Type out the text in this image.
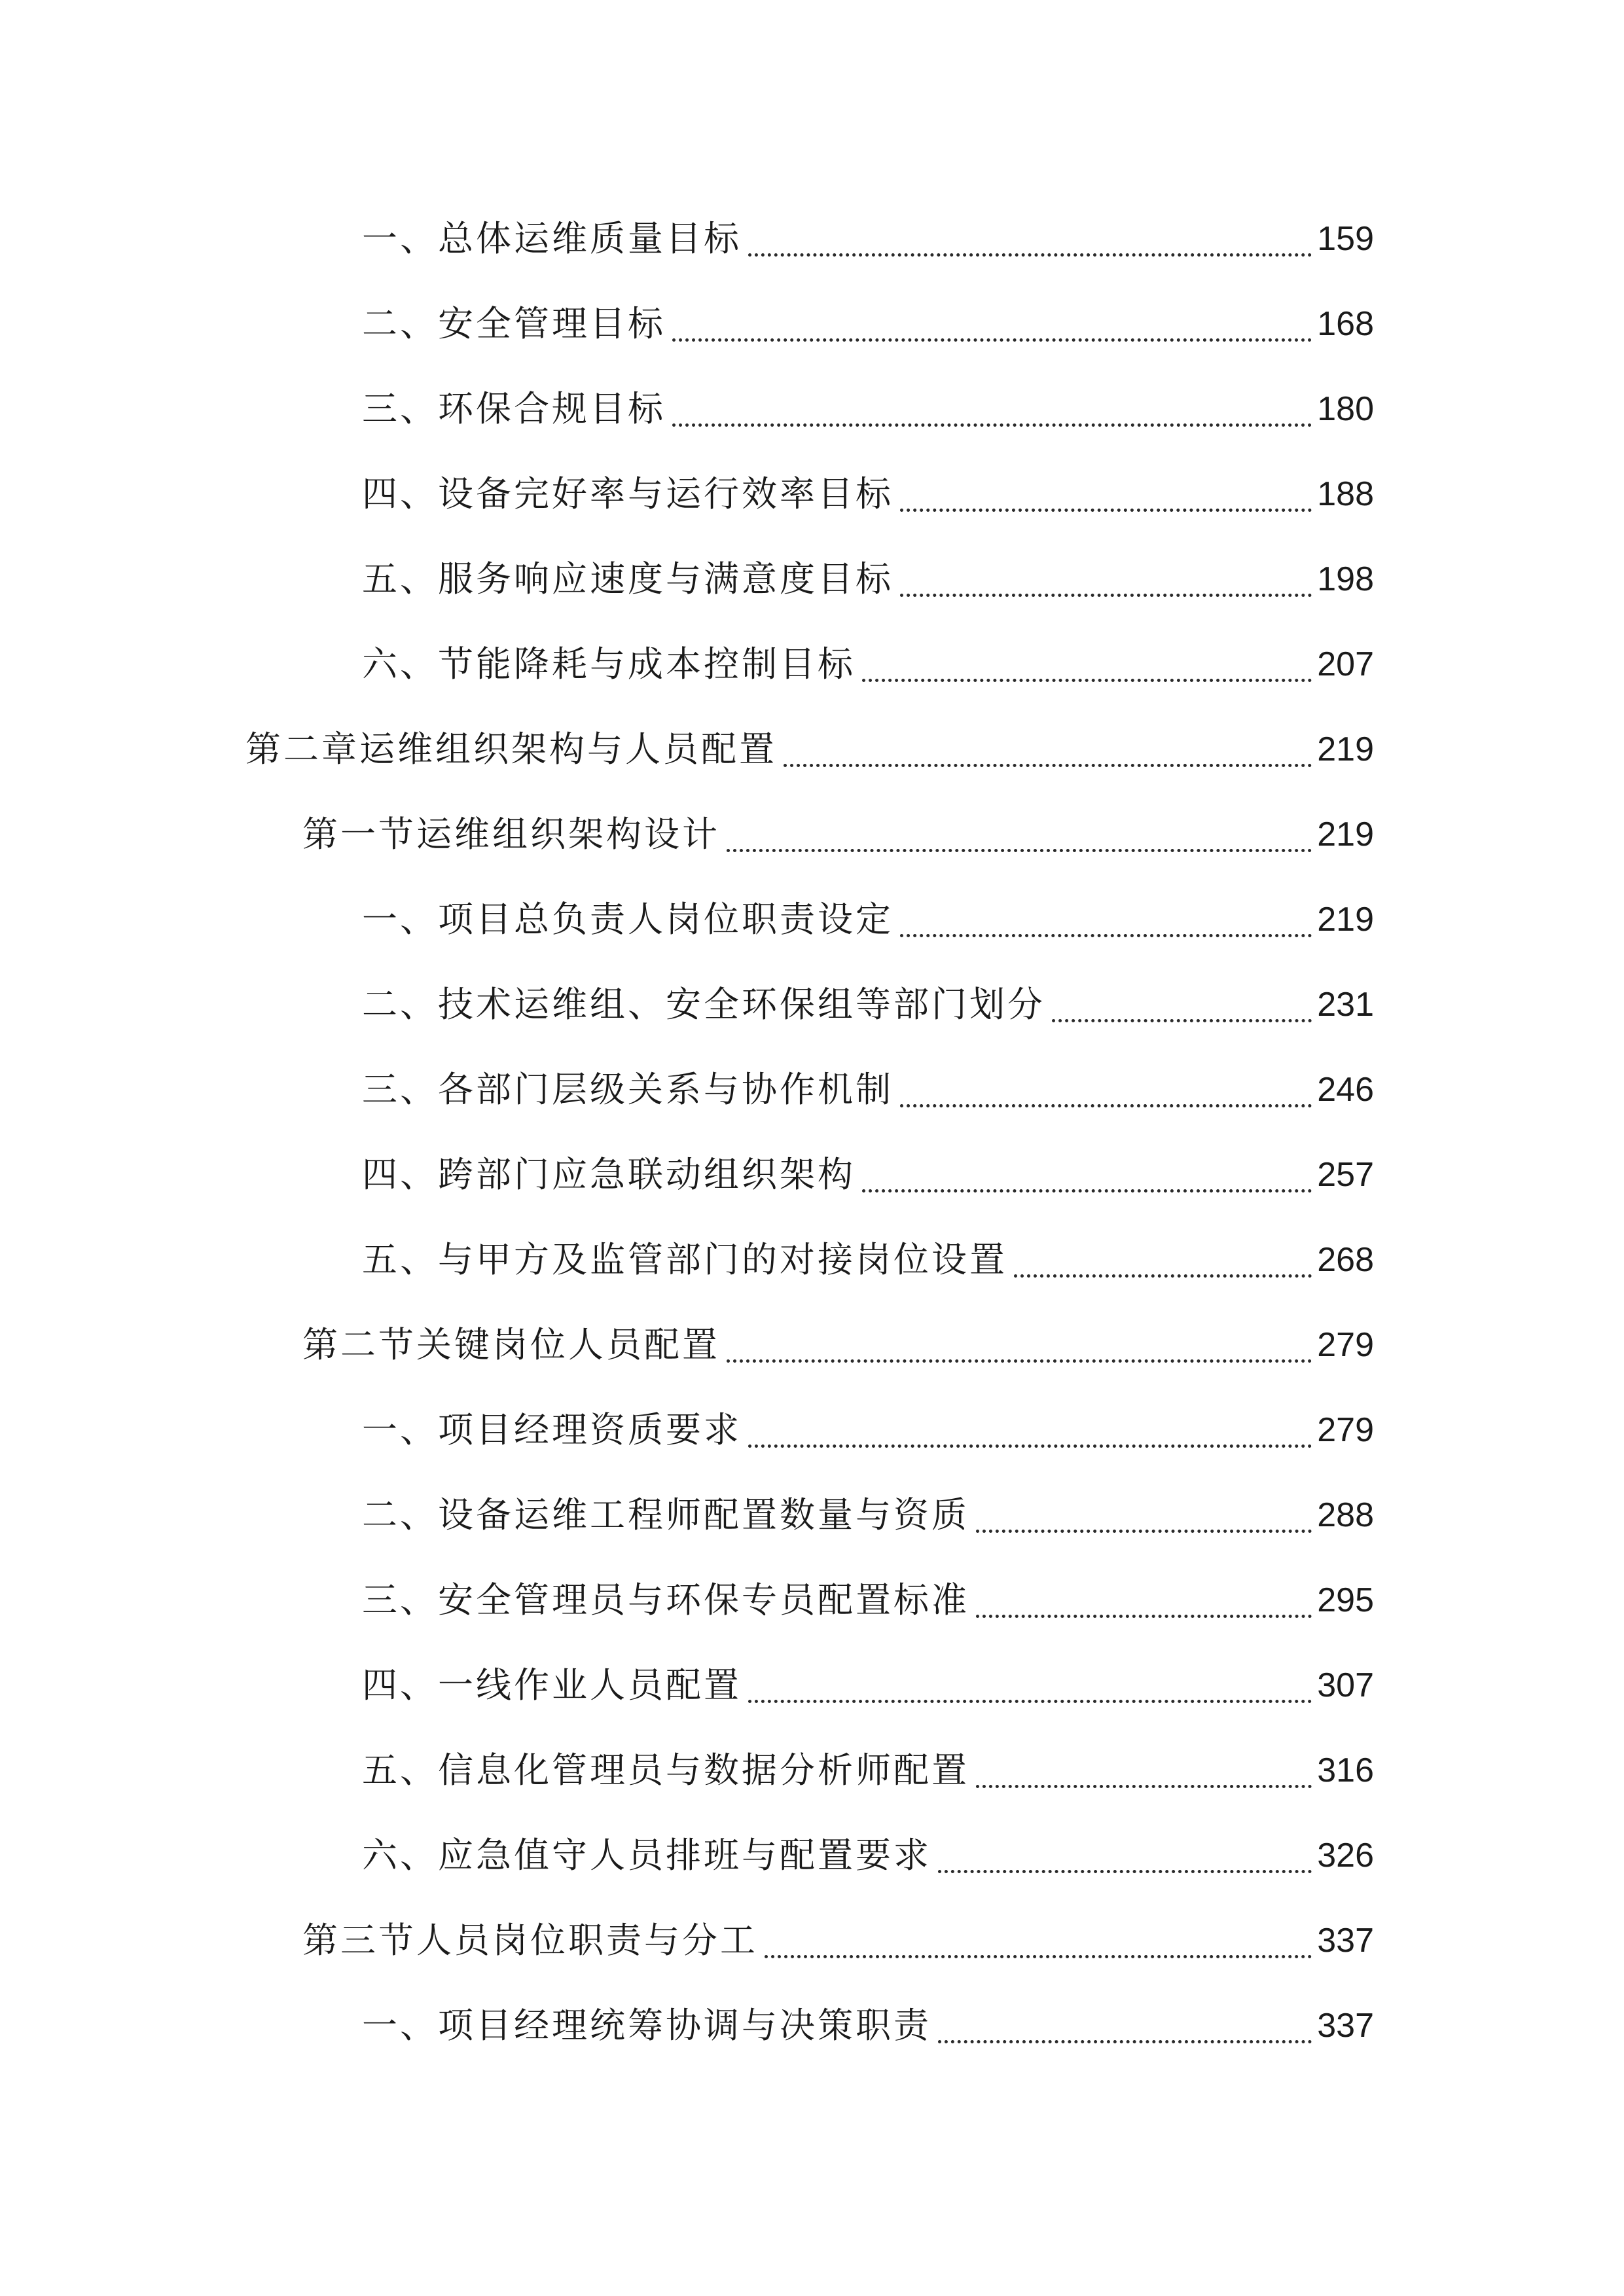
一、总体运维质量目标	159
二、安全管理目标	168
三、环保合规目标	180
四、设备完好率与运行效率目标	188
五、服务响应速度与满意度目标	198
六、节能降耗与成本控制目标	207
第二章运维组织架构与人员配置	219
第一节运维组织架构设计	219
一、项目总负责人岗位职责设定	219
二、技术运维组、安全环保组等部门划分	231
三、各部门层级关系与协作机制	246
四、跨部门应急联动组织架构	257
五、与甲方及监管部门的对接岗位设置	268
第二节关键岗位人员配置	279
一、项目经理资质要求	279
二、设备运维工程师配置数量与资质	288
三、安全管理员与环保专员配置标准	295
四、一线作业人员配置	307
五、信息化管理员与数据分析师配置	316
六、应急值守人员排班与配置要求	326
第三节人员岗位职责与分工	337
一、项目经理统筹协调与决策职责	337
